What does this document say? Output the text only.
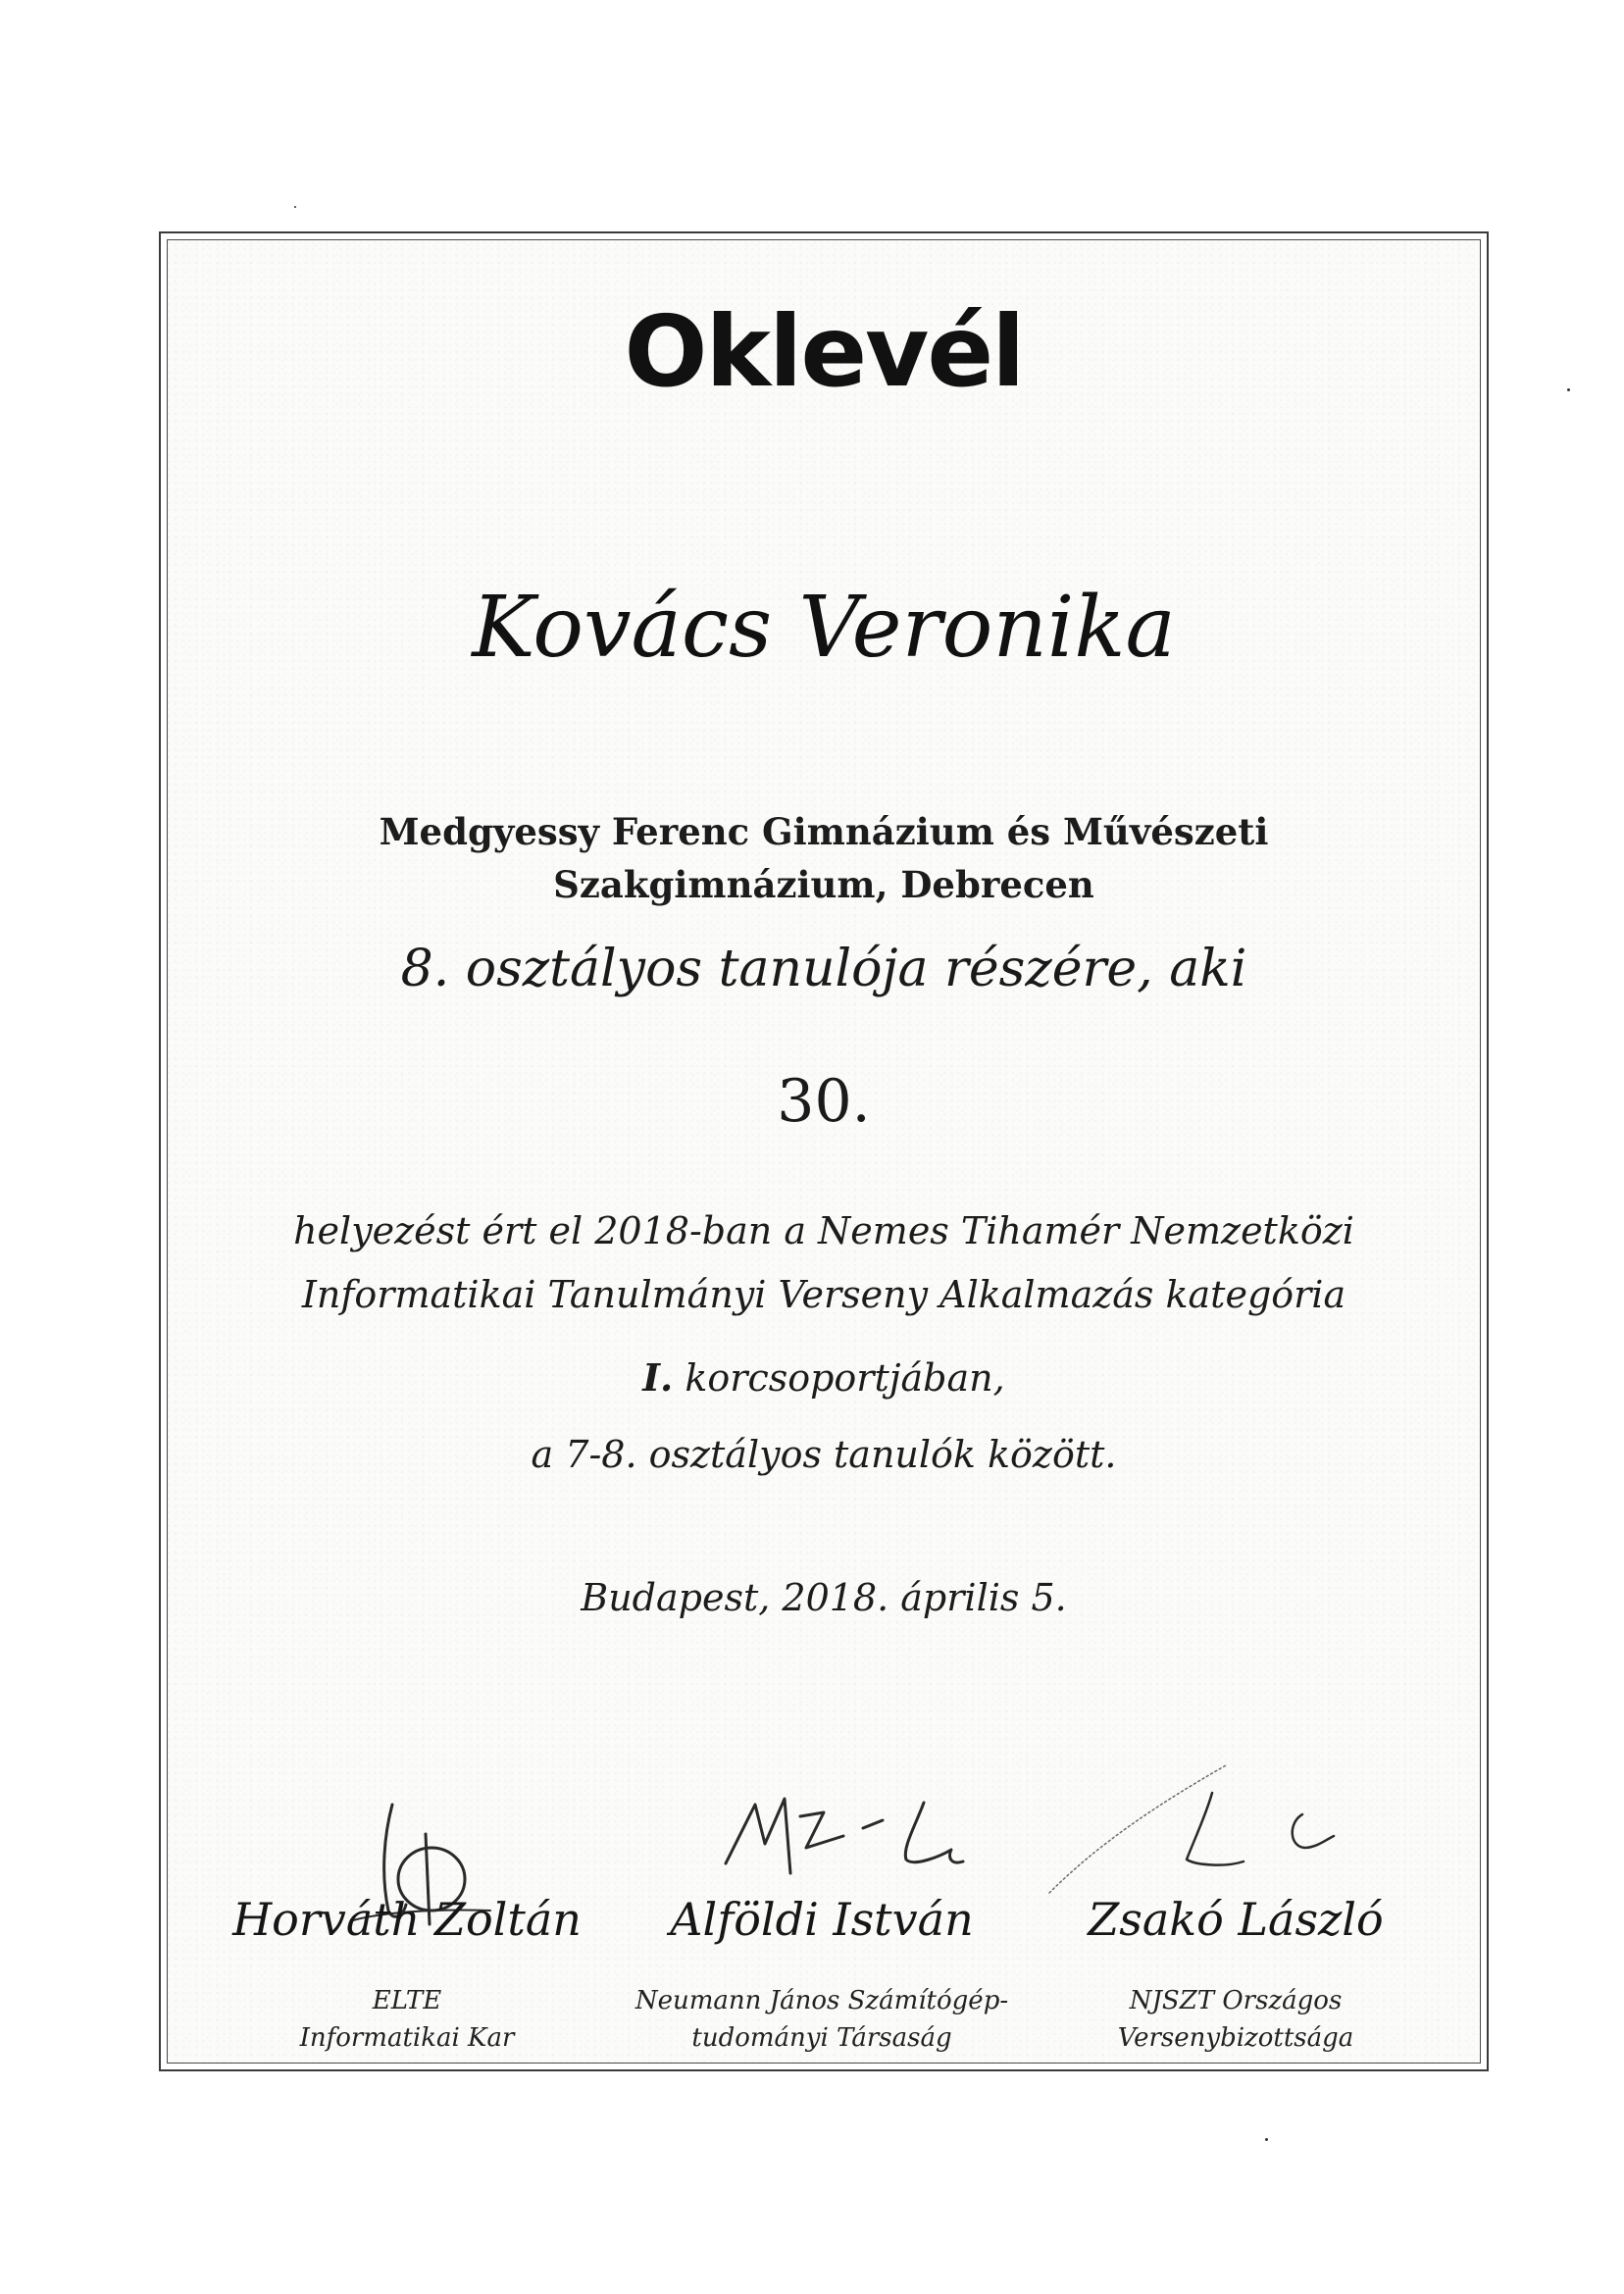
Oklevél
Kovács Veronika
Medgyessy Ferenc Gimnázium és Művészeti
Szakgimnázium, Debrecen
8. osztályos tanulója részére, aki
30.
helyezést ért el 2018-ban a Nemes Tihamér Nemzetközi
Informatikai Tanulmányi Verseny Alkalmazás kategória
I. korcsoportjában,
a 7-8. osztályos tanulók között.
Budapest, 2018. április 5.
Horváth Zoltán	Alföldi István	Zsakó László
ELTE
Informatikai Kar
Neumann János Számítógép-
tudományi Társaság
NJSZT Országos
Versenybizottsága
